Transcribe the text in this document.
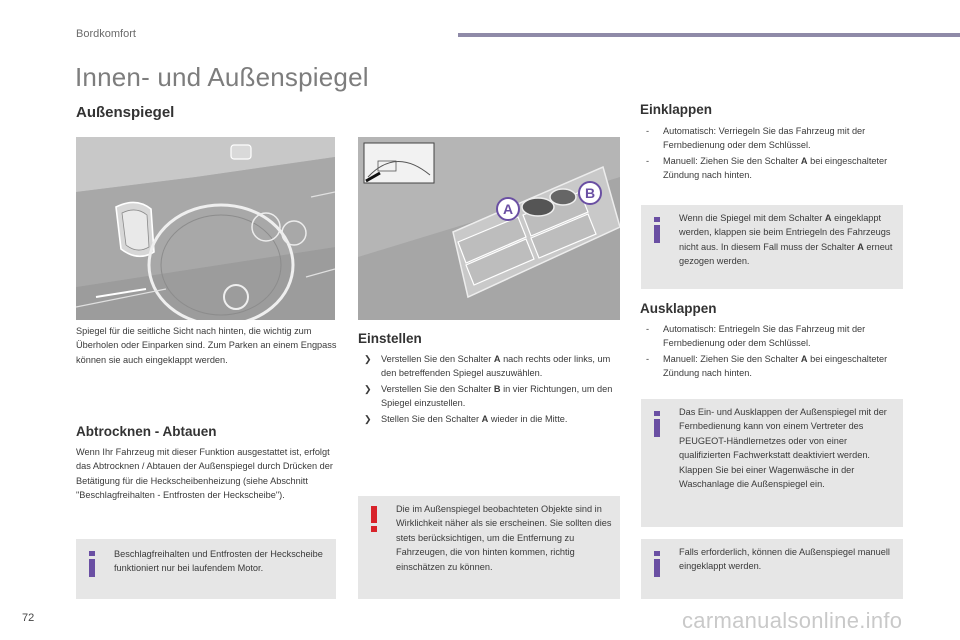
Bordkomfort
Innen- und Außenspiegel
Außenspiegel

Spiegel für die seitliche Sicht nach hinten, die wichtig zum Überholen oder Einparken sind. Zum Parken an einem Engpass können sie auch eingeklappt werden.

Abtrocknen - Abtauen

Wenn Ihr Fahrzeug mit dieser Funktion ausgestattet ist, erfolgt das Abtrocknen / Abtauen der Außenspiegel durch Drücken der Betätigung für die Heckscheibenheizung (siehe Abschnitt "Beschlagfreihalten - Entfrosten der Heckscheibe").

Beschlagfreihalten und Entfrosten der Heckscheibe funktioniert nur bei laufendem Motor.

A
B
Einstellen
❯ Verstellen Sie den Schalter A nach rechts oder links, um den betreffenden Spiegel auszuwählen.
❯ Verstellen Sie den Schalter B in vier Richtungen, um den Spiegel einzustellen.
❯ Stellen Sie den Schalter A wieder in die Mitte.

Die im Außenspiegel beobachteten Objekte sind in Wirklichkeit näher als sie erscheinen. Sie sollten dies stets berücksichtigen, um die Entfernung zu Fahrzeugen, die von hinten kommen, richtig einschätzen zu können.

Einklappen
- Automatisch: Verriegeln Sie das Fahrzeug mit der Fernbedienung oder dem Schlüssel.
- Manuell: Ziehen Sie den Schalter A bei eingeschalteter Zündung nach hinten.

Wenn die Spiegel mit dem Schalter A eingeklappt werden, klappen sie beim Entriegeln des Fahrzeugs nicht aus. In diesem Fall muss der Schalter A erneut gezogen werden.

Ausklappen
- Automatisch: Entriegeln Sie das Fahrzeug mit der Fernbedienung oder dem Schlüssel.
- Manuell: Ziehen Sie den Schalter A bei eingeschalteter Zündung nach hinten.

Das Ein- und Ausklappen der Außenspiegel mit der Fernbedienung kann von einem Vertreter des PEUGEOT-Händlernetzes oder von einer qualifizierten Fachwerkstatt deaktiviert werden.

Klappen Sie bei einer Wagenwäsche in der Waschanlage die Außenspiegel ein.

Falls erforderlich, können die Außenspiegel manuell eingeklappt werden.

72	carmanualsonline.info
